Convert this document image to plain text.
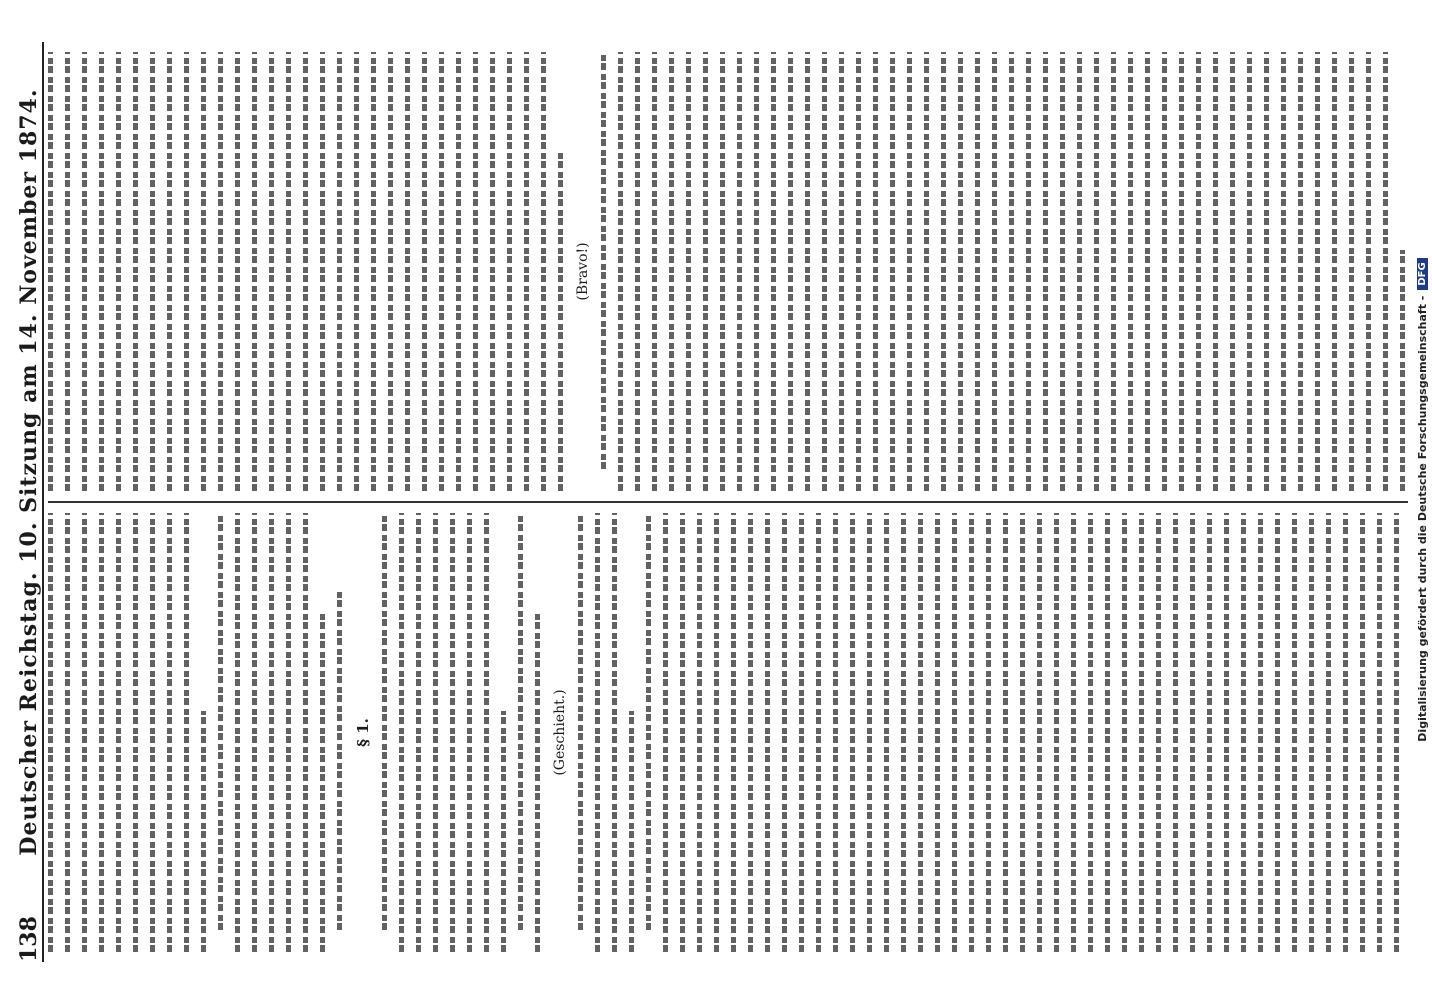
138
Deutscher Reichstag. 10. Sitzung am 14. November 1874.	§ 1.	(Geschieht.)
(Bravo!)
Digitalisierung gefördert durch die Deutsche Forschungsgemeinschaft -
DFG
